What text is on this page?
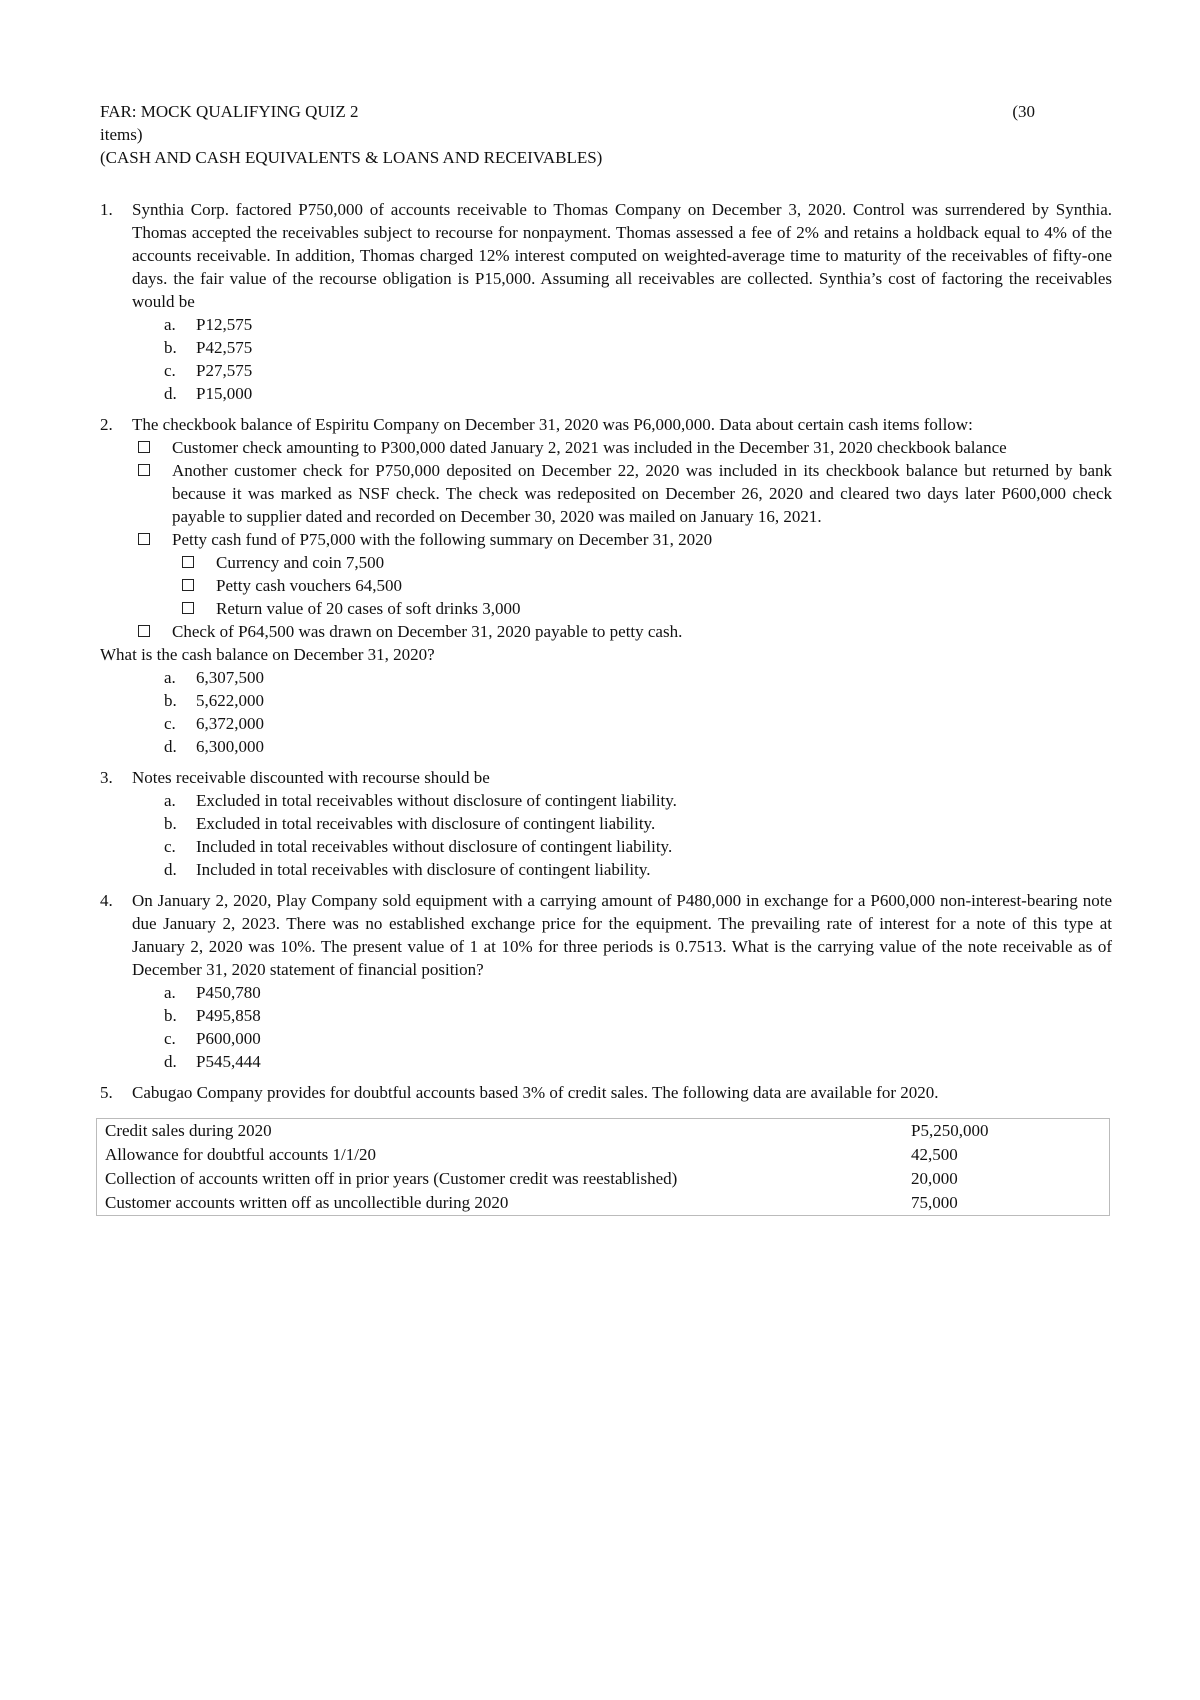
FAR: MOCK QUALIFYING QUIZ 2	(30
items)
(CASH AND CASH EQUIVALENTS & LOANS AND RECEIVABLES)
1. Synthia Corp. factored P750,000 of accounts receivable to Thomas Company on December 3, 2020. Control was surrendered by Synthia. Thomas accepted the receivables subject to recourse for nonpayment. Thomas assessed a fee of 2% and retains a holdback equal to 4% of the accounts receivable. In addition, Thomas charged 12% interest computed on weighted-average time to maturity of the receivables of fifty-one days. the fair value of the recourse obligation is P15,000. Assuming all receivables are collected. Synthia’s cost of factoring the receivables would be
a. P12,575
b. P42,575
c. P27,575
d. P15,000
2. The checkbook balance of Espiritu Company on December 31, 2020 was P6,000,000. Data about certain cash items follow:
Customer check amounting to P300,000 dated January 2, 2021 was included in the December 31, 2020 checkbook balance
Another customer check for P750,000 deposited on December 22, 2020 was included in its checkbook balance but returned by bank because it was marked as NSF check. The check was redeposited on December 26, 2020 and cleared two days later P600,000 check payable to supplier dated and recorded on December 30, 2020 was mailed on January 16, 2021.
Petty cash fund of P75,000 with the following summary on December 31, 2020
Currency and coin 7,500
Petty cash vouchers 64,500
Return value of 20 cases of soft drinks 3,000
Check of P64,500 was drawn on December 31, 2020 payable to petty cash.
What is the cash balance on December 31, 2020?
a. 6,307,500
b. 5,622,000
c. 6,372,000
d. 6,300,000
3. Notes receivable discounted with recourse should be
a. Excluded in total receivables without disclosure of contingent liability.
b. Excluded in total receivables with disclosure of contingent liability.
c. Included in total receivables without disclosure of contingent liability.
d. Included in total receivables with disclosure of contingent liability.
4. On January 2, 2020, Play Company sold equipment with a carrying amount of P480,000 in exchange for a P600,000 non-interest-bearing note due January 2, 2023. There was no established exchange price for the equipment. The prevailing rate of interest for a note of this type at January 2, 2020 was 10%. The present value of 1 at 10% for three periods is 0.7513. What is the carrying value of the note receivable as of December 31, 2020 statement of financial position?
a. P450,780
b. P495,858
c. P600,000
d. P545,444
5. Cabugao Company provides for doubtful accounts based 3% of credit sales. The following data are available for 2020.
Credit sales during 2020	P5,250,000
Allowance for doubtful accounts 1/1/20	42,500
Collection of accounts written off in prior years (Customer credit was reestablished)	20,000
Customer accounts written off as uncollectible during 2020	75,000
